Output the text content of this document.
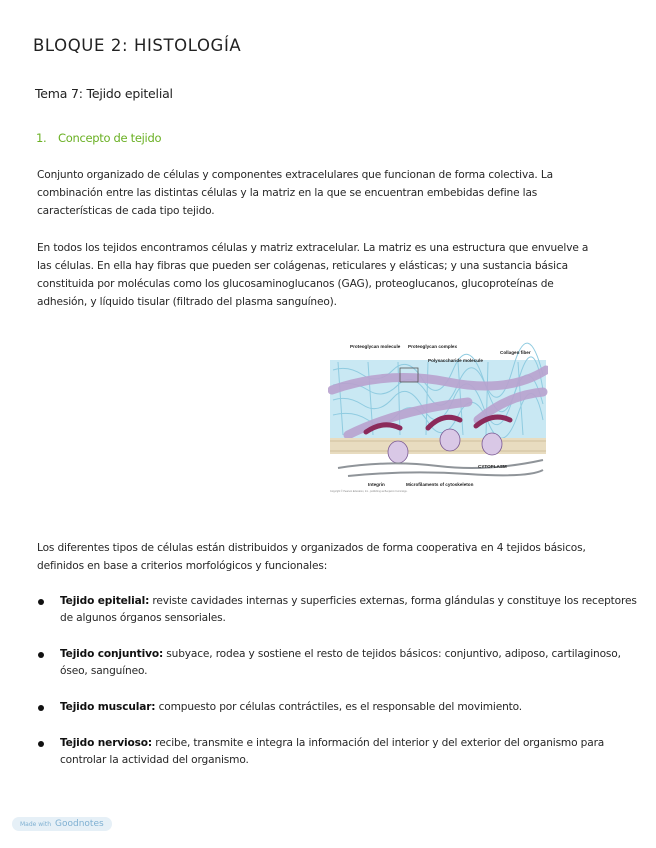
BLOQUE 2: HISTOLOGÍA
Tema 7: Tejido epitelial
1. Concepto de tejido

Conjunto organizado de células y componentes extracelulares que funcionan de forma colectiva. La combinación entre las distintas células y la matriz en la que se encuentran embebidas define las características de cada tipo tejido.

En todos los tejidos encontramos células y matriz extracelular. La matriz es una estructura que envuelve a las células. En ella hay fibras que pueden ser colágenas, reticulares y elásticas; y una sustancia básica constituida por moléculas como los glucosaminoglucanos (GAG), proteoglucanos, glucoproteínas de adhesión, y líquido tisular (filtrado del plasma sanguíneo).

Proteoglycan molecule Proteoglycan complex
Polysaccharide molecule
Collagen fiber
CYTOPLASM
Integrin	Microfilaments of cytoskeleton
Copyright © Pearson Education, Inc., publishing as Benjamin Cummings.

Los diferentes tipos de células están distribuidos y organizados de forma cooperativa en 4 tejidos básicos, definidos en base a criterios morfológicos y funcionales:

Tejido epitelial: reviste cavidades internas y superficies externas, forma glándulas y constituye los receptores de algunos órganos sensoriales.
Tejido conjuntivo: subyace, rodea y sostiene el resto de tejidos básicos: conjuntivo, adiposo, cartilaginoso, óseo, sanguíneo.
Tejido muscular: compuesto por células contráctiles, es el responsable del movimiento.
Tejido nervioso: recibe, transmite e integra la información del interior y del exterior del organismo para controlar la actividad del organismo.
Made with Goodnotes
